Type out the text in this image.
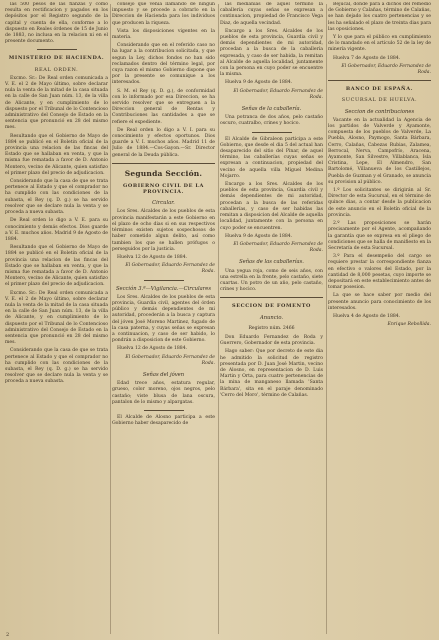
las 500 pesos de las fianzas y como resulta en rectificacion y pagados en los depósitos por el Registro segundo de la capital y cuenta de ella, conforme a lo dispuesto en Reales órdenes de 15 de Junio de 1883, no inclusa en la relacion ni en el presente documento.

MINISTERIO DE HACIENDA.

REAL ORDEN.

Excmo. Sr.: De Real orden comunicada a V. E. el 2 de Mayo último, sobre declarar nula la venta de la mitad de la casa situada en la calle de San Juan núm. 13, de la villa de Alicante, y en cumplimiento de lo dispuesto por el Tribunal de lo Contencioso administrativo del Consejo de Estado en la sentencia que pronunció en 28 del mismo mes.

Resultando que el Gobierno de Mayo de 1884 se publicó en el Boletin oficial de la provincia una relacion de las fincas del Estado que se hallaban en venta, y que la misma fue rematada a favor de D. Antonio Montero, vecino de Alicante, quien satisfizo el primer plazo del precio de adjudicacion.

Considerando que la casa de que se trata pertenece al Estado y que el comprador no ha cumplido con las condiciones de la subasta, el Rey (q. D. g.) se ha servido resolver que se declare nula la venta y se proceda a nueva subasta.

De Real orden lo digo a V. E. para su conocimiento y demás efectos. Dios guarde a V. E. muchos años. Madrid 9 de Agosto de 1884.

Resultando que el Gobierno de Mayo de 1884 se publicó en el Boletin oficial de la provincia una relacion de las fincas del Estado que se hallaban en venta, y que la misma fue rematada a favor de D. Antonio Montero, vecino de Alicante, quien satisfizo el primer plazo del precio de adjudicacion.

Excmo. Sr.: De Real orden comunicada a V. E. el 2 de Mayo último, sobre declarar nula la venta de la mitad de la casa situada en la calle de San Juan núm. 13, de la villa de Alicante, y en cumplimiento de lo dispuesto por el Tribunal de lo Contencioso administrativo del Consejo de Estado en la sentencia que pronunció en 28 del mismo mes.

Considerando que la casa de que se trata pertenece al Estado y que el comprador no ha cumplido con las condiciones de la subasta, el Rey (q. D. g.) se ha servido resolver que se declare nula la venta y se proceda a nueva subasta.

consejo que venia llamando de ningun impuesto y se procede a cobrarlo en la Direccion de Hacienda para los individuos que producen la riqueza.

Vista los disposiciones vigentes en la materia.

Considerando que en el referido caso no ha lugar a la contribucion solicitada, y que segun la Ley, dichos fondos no han sido reclamados dentro del término legal, por cuya razon el mismo Gobierno dispone que por la presente se comunique a los interesados.

S. M. el Rey (q. D. g.), de conformidad con lo informado por esa Direccion, se ha servido resolver que se entreguen a la Direccion general de Rentas y Contribuciones las cantidades a que se refiere el expediente.

De Real orden lo digo a V. I. para su conocimiento y efectos oportunos. Dios guarde a V. I. muchos años. Madrid 11 de Julio de 1884.—Cos-Gayon.—Sr. Director general de la Deuda pública.

Segunda Sección.

GOBIERNO CIVIL DE LA PROVINCIA.

Circular.

Los Sres. Alcaldes de los pueblos de esta provincia manifestarán a este Gobierno en el plazo de ocho dias si en sus respectivos términos existen sujetos sospechosos de haber cometido algun delito, así como tambien los que se hallen prófugos o perseguidos por la justicia.

Huelva 12 de Agosto de 1884.

El Gobernador, Eduardo Fernandez de Roda.

Sección 3.ª—Vigilancia.—Circulares

Los Sres. Alcaldes de los pueblos de esta provincia, Guardia civil, agentes del órden público y demás dependientes de mi autoridad, procederán a la busca y captura del jóven José Moreno Martinez, fugado de la casa paterna, y cuyas señas se expresan a continuacion, y caso de ser habido, lo pondrán a disposicion de este Gobierno.

Huelva 12 de Agosto de 1884.

El Gobernador, Eduardo Fernandez de Roda.

Señas del jóven

Edad trece años, estatura regular, grueso, color moreno, ojos negros, pelo castaño; viste blusa de lana oscura, pantalon de lo mismo y alpargatas.

El Alcalde de Alosno participa a este Gobierno haber desaparecido de

las medianias de aquel término la caballería cuyas señas se expresan a continuacion, propiedad de Francisco Vega Diaz, de aquella vecindad.

Encargo a los Sres. Alcaldes de los pueblos de esta provincia, Guardia civil y demás dependientes de mi autoridad, procedan a la busca de la caballería expresada, y caso de ser habida, la remitan al Alcalde de aquella localidad, juntamente con la persona en cuyo poder se encuentre la misma.

Huelva 9 de Agosto de 1884.

El Gobernador, Eduardo Fernandez de Roda.

Señas de la caballería.

Una potranca de dos años, pelo castaño oscuro, cuatralbo, crines y hocico.

El Alcalde de Gibraleon participa a este Gobierno, que desde el dia 5 del actual han desaparecido del sitio del Pinar, de aquel término, las caballerías cuyas señas se expresan a continuacion, propiedad del vecino de aquella villa Miguel Medina Mojarro.

Encargo a los Sres. Alcaldes de los pueblos de esta provincia, Guardia civil y demás dependientes de mi autoridad, procedan a la busca de las referidas caballerías, y caso de ser habidas las remitan a disposicion del Alcalde de aquella localidad, juntamente con la persona en cuyo poder se encuentren.

Huelva 9 de Agosto de 1884.

El Gobernador, Eduardo Fernandez de Roda.

Señas de las caballerías.

Una yegua roja, como de seis años, con una estrella en la frente, pelo castaño, siete cuartas. Un potro de un año, pelo castaño, crines y hocico.

SECCION DE FOMENTO

Anuncio.

Registro núm. 2466

Don Eduardo Fernandez de Roda y Guerrero, Gobernador de esta provincia.

Hago saber: Que por decreto de este dia he admitido la solicitud de registro presentada por D. Juan José Martin, vecino de Alosno, en representacion de D. Luis Martin y Orta, para cuatro pertenencias de la mina de manganeso llamada 'Santa Bárbara', sita en el paraje denominado 'Cerro del Moro', término de Calañas.

Bejucal, donde para a dichos del remedio de Gobierno y Calañas, término de Calañas, se han dejado los cuatro pertenencias y se les ha señalado el plazo de treinta dias para las oposiciones.

Y lo que para el público en cumplimiento de lo mandado en el artículo 52 de la ley de minería vigente.

Huelva 7 de Agosto de 1884.

El Gobernador, Eduardo Fernandez de Roda.

BANCO DE ESPAÑA.

SUCURSAL DE HUELVA.

Seccion de contribuciones

Vacante en la actualidad la Agencia de los partidos de Valverde y Ayamonte, compuesta de los pueblos de Valverde, La Puebla, Alosno, Paymogo, Santa Bárbara, Cerro, Calañas, Cabezas Rubias, Zalamea, Berrocal, Nerva, Campofrío, Aracena, Ayamonte, San Silvestre, Villablanca, Isla Cristina, Lepe, El Almendro, San Bartolomé, Villanueva de los Castillejos, Puebla de Guzman y el Granado, se anuncia su provision al público.

1.º Los solicitantes se dirigirán al Sr. Director de esta Sucursal, en el término de quince dias, a contar desde la publicacion de este anuncio en el Boletín oficial de la provincia.

2.º Las proposiciones se harán precisamente por el Agente, acompañando la garantía que se expresa en el pliego de condiciones que se halla de manifiesto en la Secretaría de esta Sucursal.

3.º Para el desempeño del cargo se requiere prestar la correspondiente fianza en efectivo o valores del Estado, por la cantidad de 8,000 pesetas, cuyo importe se depositará en este establecimiento antes de tomar posesion.

La que se hace saber por medio del presente anuncio para conocimiento de los interesados.

Huelva 4 de Agosto de 1884.

Enrique Rebollida.

2
